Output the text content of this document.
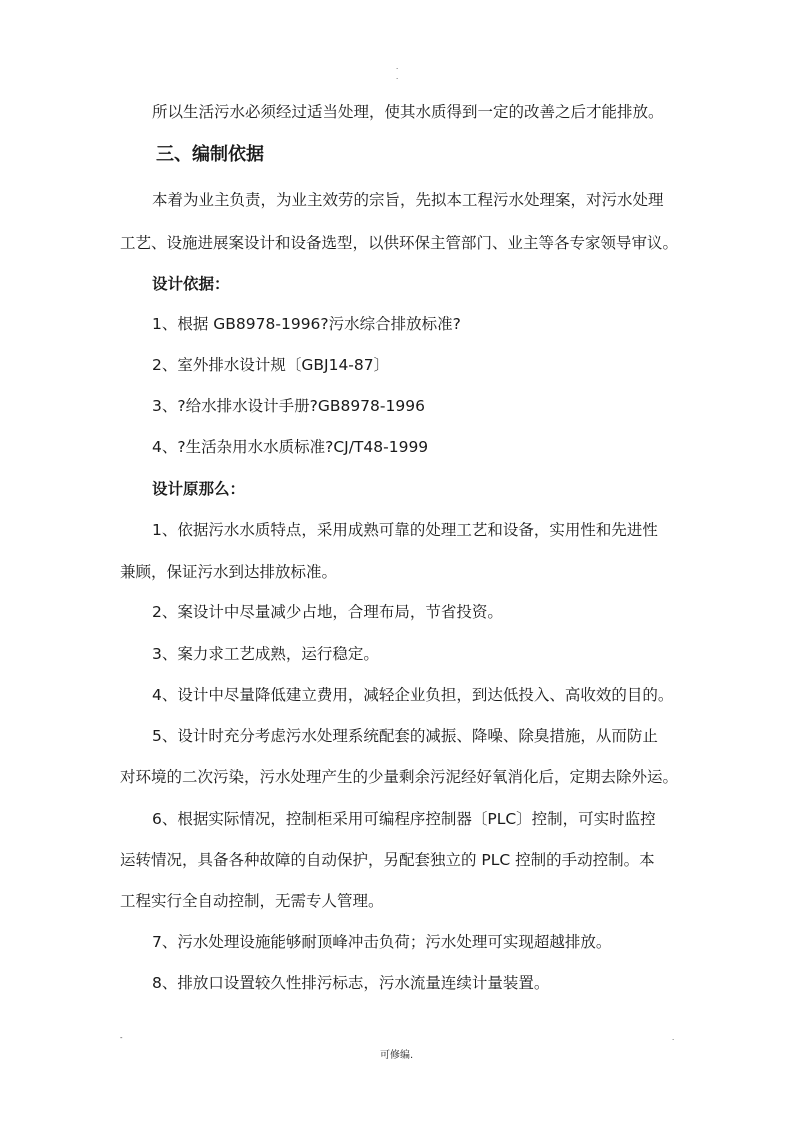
.
.
所以生活污水必须经过适当处理，使其水质得到一定的改善之后才能排放。
三、编制依据
本着为业主负责，为业主效劳的宗旨，先拟本工程污水处理案，对污水处理
工艺、设施进展案设计和设备选型，以供环保主管部门、业主等各专家领导审议。
设计依据：
1、根据 GB8978-1996?污水综合排放标准?
2、室外排水设计规〔GBJ14-87〕
3、?给水排水设计手册?GB8978-1996
4、?生活杂用水水质标准?CJ/T48-1999
设计原那么：
1、依据污水水质特点，采用成熟可靠的处理工艺和设备，实用性和先进性
兼顾，保证污水到达排放标准。
2、案设计中尽量减少占地，合理布局，节省投资。
3、案力求工艺成熟，运行稳定。
4、设计中尽量降低建立费用，减轻企业负担，到达低投入、高收效的目的。
5、设计时充分考虑污水处理系统配套的减振、降噪、除臭措施，从而防止
对环境的二次污染，污水处理产生的少量剩余污泥经好氧消化后，定期去除外运。
6、根据实际情况，控制柜采用可编程序控制器〔PLC〕控制，可实时监控
运转情况，具备各种故障的自动保护，另配套独立的 PLC 控制的手动控制。本
工程实行全自动控制，无需专人管理。
7、污水处理设施能够耐顶峰冲击负荷；污水处理可实现超越排放。
8、排放口设置较久性排污标志，污水流量连续计量装置。
-
可修编.
.
